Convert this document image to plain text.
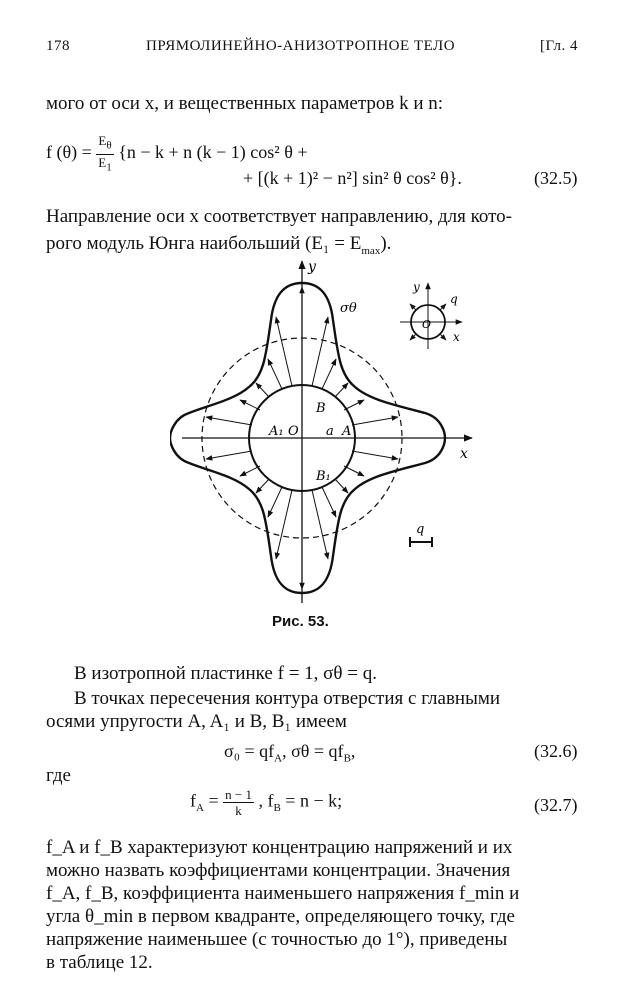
178	ПРЯМОЛИНЕЙНО-АНИЗОТРОПНОЕ ТЕЛО	[Гл. 4
мого от оси x, и вещественных параметров k и n:
f $(\theta) = \frac{E_\theta}{E_1} \{n - k + n$ (k − 1) cos² θ +
+ [(k + 1)² − n²] sin² θ cos² θ}.	(32.5)
Направление оси x соответствует направлению, для кото-
рого модуль Юнга наибольший $(E_1 = E_{max})$.
y
x
σθ
B
B₁
A
A₁ O a
y
q
O
x
q
Рис. 53.
В изотропной пластинке f = 1, σθ = q.
В точках пересечения контура отверстия с главными
осями упругости A, A₁ и B, B₁ имеем
$\sigma_0 = qf_A$, $\sigma\theta = qf_B$,	(32.6)
где
$f_A = \frac{n - 1}{k}$ , $f_B = n - k$;	(32.7)
f_A и f_B характеризуют концентрацию напряжений и их
можно назвать коэффициентами концентрации. Значения
f_A, f_B, коэффициента наименьшего напряжения f_min и
угла θ_min в первом квадранте, определяющего точку, где
напряжение наименьшее (с точностью до 1°), приведены
в таблице 12.
